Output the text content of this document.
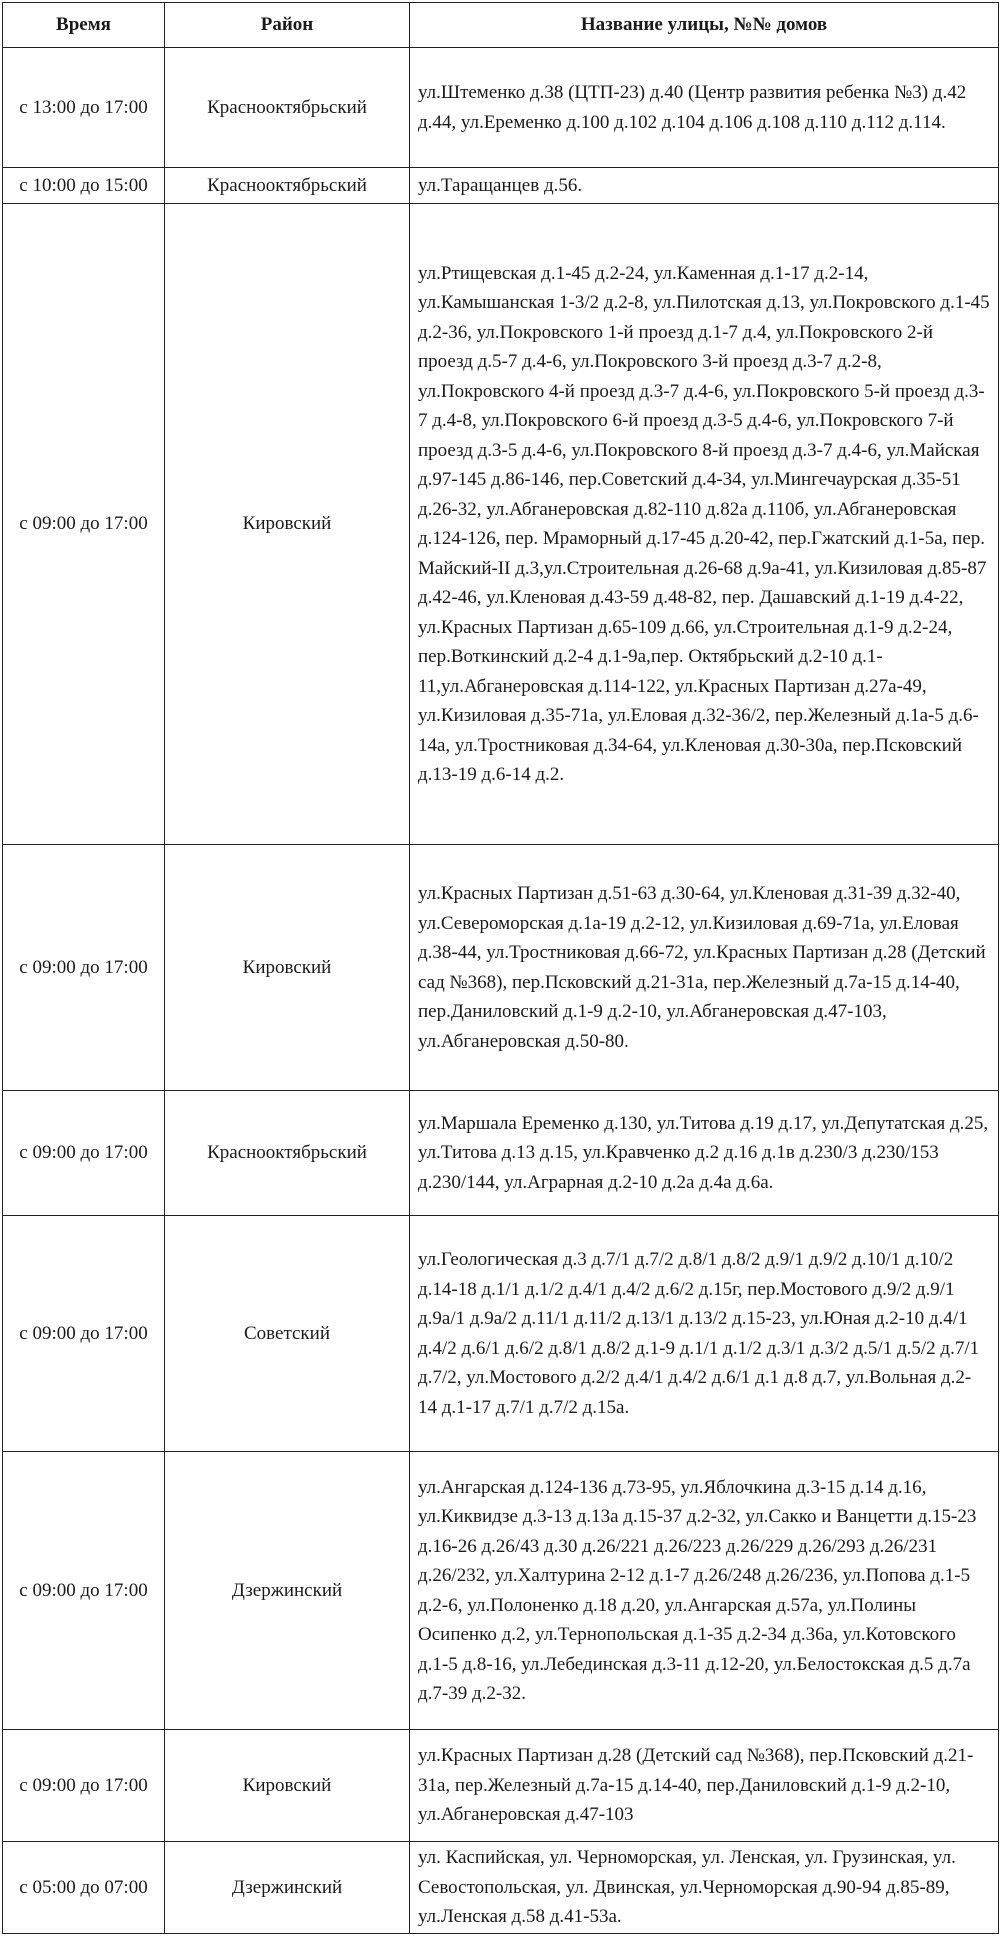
Время	Район	Название улицы, №№ домов
с 13:00 до 17:00	Краснооктябрьский	ул.Штеменко д.38 (ЦТП-23) д.40 (Центр развития ребенка №3) д.42 д.44, ул.Еременко д.100 д.102 д.104 д.106 д.108 д.110 д.112 д.114.
с 10:00 до 15:00	Краснооктябрьский	ул.Таращанцев д.56.
с 09:00 до 17:00	Кировский	ул.Ртищевская д.1-45 д.2-24, ул.Каменная д.1-17 д.2-14, ул.Камышанская 1-3/2 д.2-8, ул.Пилотская д.13, ул.Покровского д.1-45 д.2-36, ул.Покровского 1-й проезд д.1-7 д.4, ул.Покровского 2-й проезд д.5-7 д.4-6, ул.Покровского 3-й проезд д.3-7 д.2-8, ул.Покровского 4-й проезд д.3-7 д.4-6, ул.Покровского 5-й проезд д.3-7 д.4-8, ул.Покровского 6-й проезд д.3-5 д.4-6, ул.Покровского 7-й проезд д.3-5 д.4-6, ул.Покровского 8-й проезд д.3-7 д.4-6, ул.Майская д.97-145 д.86-146, пер.Советский д.4-34, ул.Мингечаурская д.35-51 д.26-32, ул.Абганеровская д.82-110 д.82а д.110б, ул.Абганеровская д.124-126, пер. Мраморный д.17-45 д.20-42, пер.Гжатский д.1-5а, пер. Майский-II д.3,ул.Строительная д.26-68 д.9а-41, ул.Кизиловая д.85-87 д.42-46, ул.Кленовая д.43-59 д.48-82, пер. Дашавский д.1-19 д.4-22, ул.Красных Партизан д.65-109 д.66, ул.Строительная д.1-9 д.2-24, пер.Воткинский д.2-4 д.1-9а,пер. Октябрьский д.2-10 д.1-11,ул.Абганеровская д.114-122, ул.Красных Партизан д.27а-49, ул.Кизиловая д.35-71а, ул.Еловая д.32-36/2, пер.Железный д.1а-5 д.6-14а, ул.Тростниковая д.34-64, ул.Кленовая д.30-30а, пер.Псковский д.13-19 д.6-14 д.2.
с 09:00 до 17:00	Кировский	ул.Красных Партизан д.51-63 д.30-64, ул.Кленовая д.31-39 д.32-40, ул.Североморская д.1а-19 д.2-12, ул.Кизиловая д.69-71а, ул.Еловая д.38-44, ул.Тростниковая д.66-72, ул.Красных Партизан д.28 (Детский сад №368), пер.Псковский д.21-31а, пер.Железный д.7а-15 д.14-40, пер.Даниловский д.1-9 д.2-10, ул.Абганеровская д.47-103, ул.Абганеровская д.50-80.
с 09:00 до 17:00	Краснооктябрьский	ул.Маршала Еременко д.130, ул.Титова д.19 д.17, ул.Депутатская д.25, ул.Титова д.13 д.15, ул.Кравченко д.2 д.16 д.1в д.230/3 д.230/153 д.230/144, ул.Аграрная д.2-10 д.2а д.4а д.6а.
с 09:00 до 17:00	Советский	ул.Геологическая д.3 д.7/1 д.7/2 д.8/1 д.8/2 д.9/1 д.9/2 д.10/1 д.10/2 д.14-18 д.1/1 д.1/2 д.4/1 д.4/2 д.6/2 д.15г, пер.Мостового д.9/2 д.9/1 д.9а/1 д.9а/2 д.11/1 д.11/2 д.13/1 д.13/2 д.15-23, ул.Юная д.2-10 д.4/1 д.4/2 д.6/1 д.6/2 д.8/1 д.8/2 д.1-9 д.1/1 д.1/2 д.3/1 д.3/2 д.5/1 д.5/2 д.7/1 д.7/2, ул.Мостового д.2/2 д.4/1 д.4/2 д.6/1 д.1 д.8 д.7, ул.Вольная д.2-14 д.1-17 д.7/1 д.7/2 д.15а.
с 09:00 до 17:00	Дзержинский	ул.Ангарская д.124-136 д.73-95, ул.Яблочкина д.3-15 д.14 д.16, ул.Киквидзе д.3-13 д.13а д.15-37 д.2-32, ул.Сакко и Ванцетти д.15-23 д.16-26 д.26/43 д.30 д.26/221 д.26/223 д.26/229 д.26/293 д.26/231 д.26/232, ул.Халтурина 2-12 д.1-7 д.26/248 д.26/236, ул.Попова д.1-5 д.2-6, ул.Полоненко д.18 д.20, ул.Ангарская д.57а, ул.Полины Осипенко д.2, ул.Тернопольская д.1-35 д.2-34 д.36а, ул.Котовского д.1-5 д.8-16, ул.Лебединская д.3-11 д.12-20, ул.Белостокская д.5 д.7а д.7-39 д.2-32.
с 09:00 до 17:00	Кировский	ул.Красных Партизан д.28 (Детский сад №368), пер.Псковский д.21-31а, пер.Железный д.7а-15 д.14-40, пер.Даниловский д.1-9 д.2-10, ул.Абганеровская д.47-103
с 05:00 до 07:00	Дзержинский	ул. Каспийская, ул. Черноморская, ул. Ленская, ул. Грузинская, ул. Севостопольская, ул. Двинская, ул.Черноморская д.90-94 д.85-89, ул.Ленская д.58 д.41-53а.
